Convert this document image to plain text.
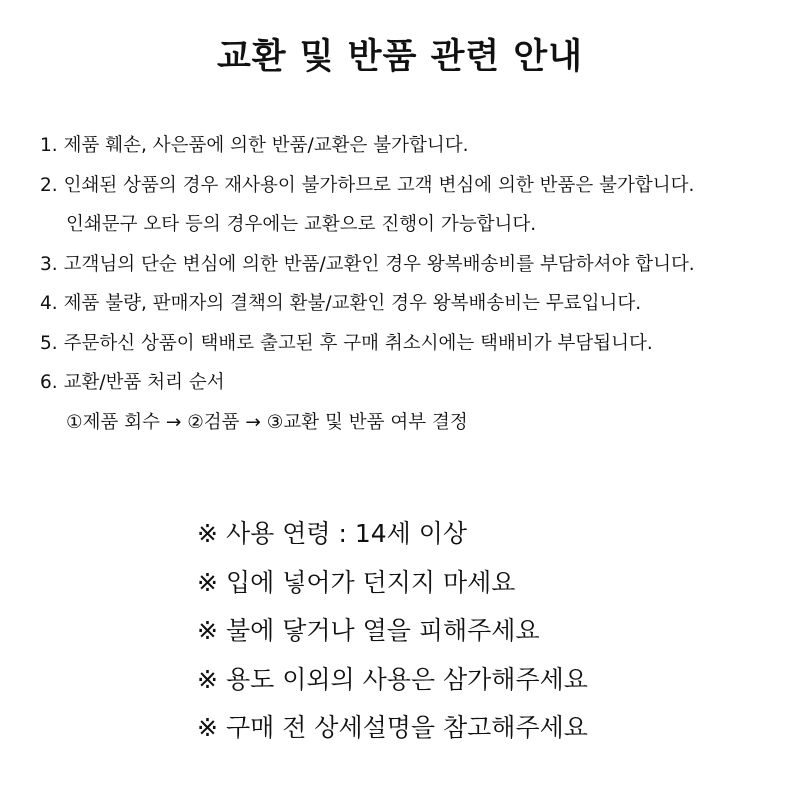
교환 및 반품 관련 안내
1. 제품 훼손, 사은품에 의한 반품/교환은 불가합니다.
2. 인쇄된 상품의 경우 재사용이 불가하므로 고객 변심에 의한 반품은 불가합니다.
인쇄문구 오타 등의 경우에는 교환으로 진행이 가능합니다.
3. 고객님의 단순 변심에 의한 반품/교환인 경우 왕복배송비를 부담하셔야 합니다.
4. 제품 불량, 판매자의 결책의 환불/교환인 경우 왕복배송비는 무료입니다.
5. 주문하신 상품이 택배로 출고된 후 구매 취소시에는 택배비가 부담됩니다.
6. 교환/반품 처리 순서
①제품 회수 → ②검품 → ③교환 및 반품 여부 결정
※ 사용 연령 : 14세 이상
※ 입에 넣어가 던지지 마세요
※ 불에 닿거나 열을 피해주세요
※ 용도 이외의 사용은 삼가해주세요
※ 구매 전 상세설명을 참고해주세요
